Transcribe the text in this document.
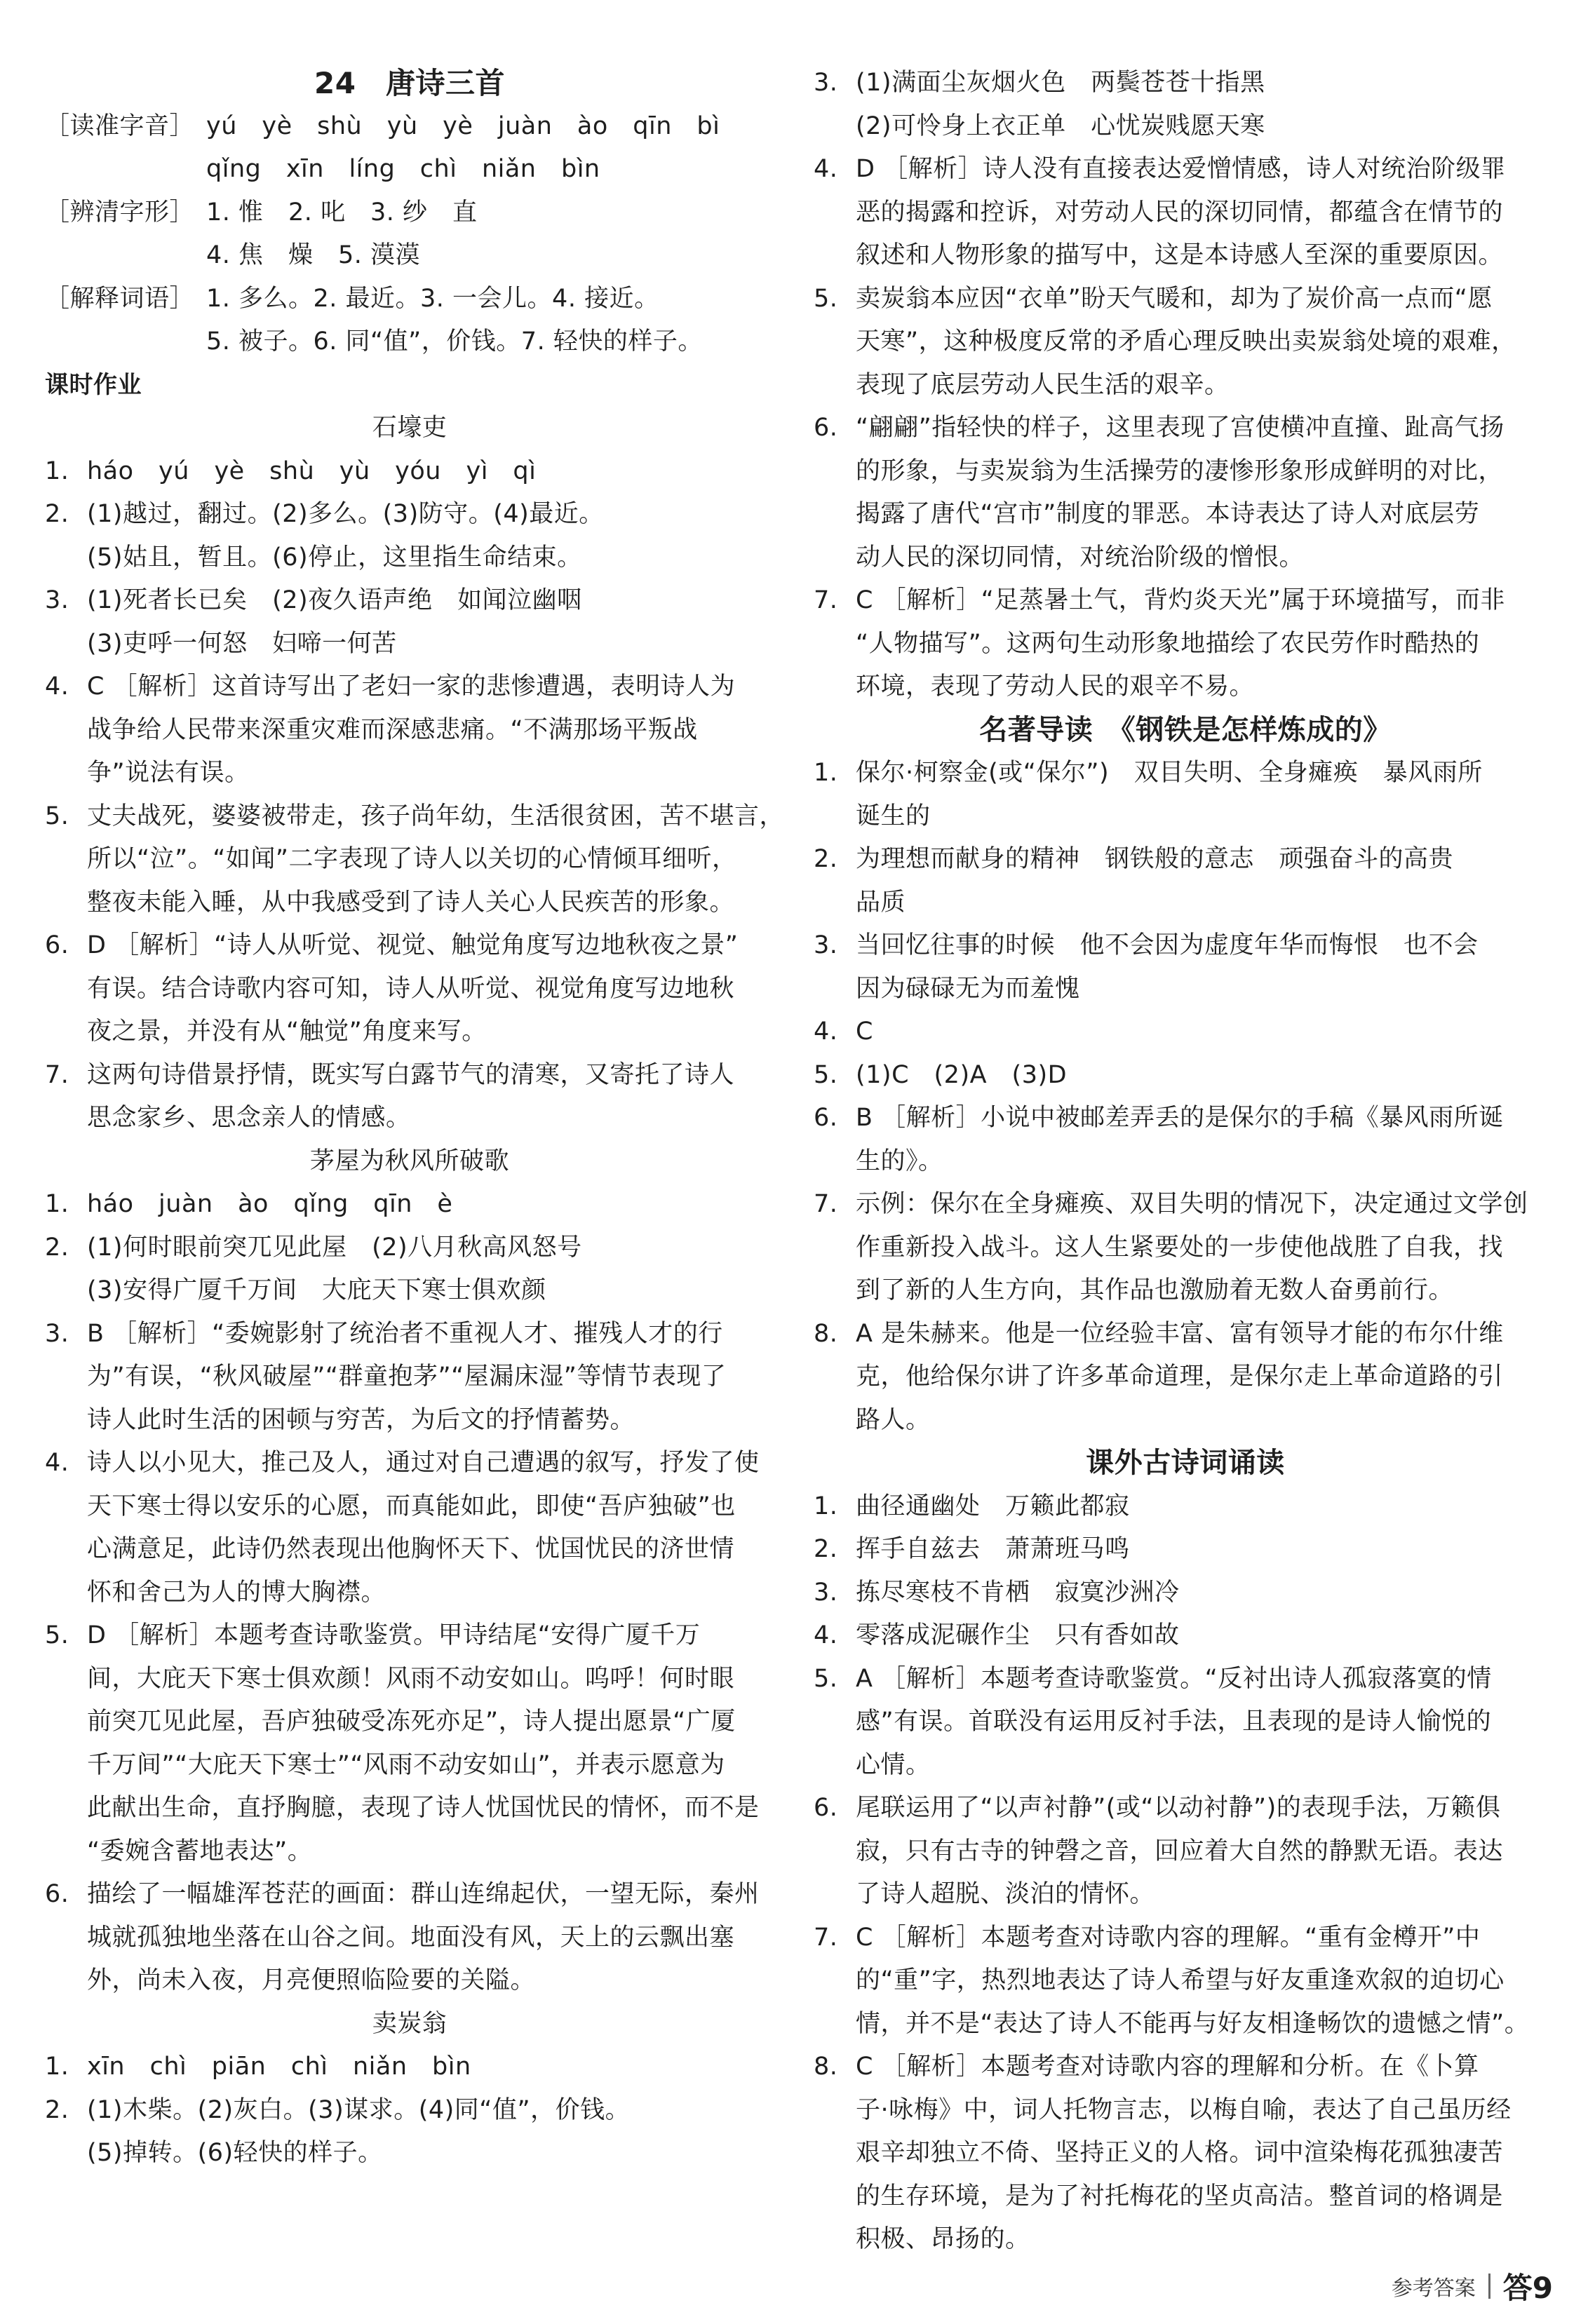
24　唐诗三首
［读准字音］ yú　yè　shù　yù　yè　juàn　ào　qīn　bì
qǐng　xīn　líng　chì　niǎn　bìn
［辨清字形］ 1. 惟　2. 叱　3. 纱　直
4. 焦　燥　5. 漠漠
［解释词语］ 1. 多么。2. 最近。3. 一会儿。4. 接近。
5. 被子。6. 同“值”，价钱。7. 轻快的样子。
课时作业
石壕吏
1. háo　yú　yè　shù　yù　yóu　yì　qì
2. (1)越过，翻过。(2)多么。(3)防守。(4)最近。
(5)姑且，暂且。(6)停止，这里指生命结束。
3. (1)死者长已矣　(2)夜久语声绝　如闻泣幽咽
(3)吏呼一何怒　妇啼一何苦
4. C ［解析］这首诗写出了老妇一家的悲惨遭遇，表明诗人为
战争给人民带来深重灾难而深感悲痛。“不满那场平叛战
争”说法有误。
5. 丈夫战死，婆婆被带走，孩子尚年幼，生活很贫困，苦不堪言，
所以“泣”。“如闻”二字表现了诗人以关切的心情倾耳细听，
整夜未能入睡，从中我感受到了诗人关心人民疾苦的形象。
6. D ［解析］“诗人从听觉、视觉、触觉角度写边地秋夜之景”
有误。结合诗歌内容可知，诗人从听觉、视觉角度写边地秋
夜之景，并没有从“触觉”角度来写。
7. 这两句诗借景抒情，既实写白露节气的清寒，又寄托了诗人
思念家乡、思念亲人的情感。
茅屋为秋风所破歌
1. háo　juàn　ào　qǐng　qīn　è
2. (1)何时眼前突兀见此屋　(2)八月秋高风怒号
(3)安得广厦千万间　大庇天下寒士俱欢颜
3. B ［解析］“委婉影射了统治者不重视人才、摧残人才的行
为”有误，“秋风破屋”“群童抱茅”“屋漏床湿”等情节表现了
诗人此时生活的困顿与穷苦，为后文的抒情蓄势。
4. 诗人以小见大，推己及人，通过对自己遭遇的叙写，抒发了使
天下寒士得以安乐的心愿，而真能如此，即使“吾庐独破”也
心满意足，此诗仍然表现出他胸怀天下、忧国忧民的济世情
怀和舍己为人的博大胸襟。
5. D ［解析］本题考查诗歌鉴赏。甲诗结尾“安得广厦千万
间，大庇天下寒士俱欢颜！风雨不动安如山。呜呼！何时眼
前突兀见此屋，吾庐独破受冻死亦足”，诗人提出愿景“广厦
千万间”“大庇天下寒士”“风雨不动安如山”，并表示愿意为
此献出生命，直抒胸臆，表现了诗人忧国忧民的情怀，而不是
“委婉含蓄地表达”。
6. 描绘了一幅雄浑苍茫的画面：群山连绵起伏，一望无际，秦州
城就孤独地坐落在山谷之间。地面没有风，天上的云飘出塞
外，尚未入夜，月亮便照临险要的关隘。
卖炭翁
1. xīn　chì　piān　chì　niǎn　bìn
2. (1)木柴。(2)灰白。(3)谋求。(4)同“值”，价钱。
(5)掉转。(6)轻快的样子。
3. (1)满面尘灰烟火色　两鬓苍苍十指黑
(2)可怜身上衣正单　心忧炭贱愿天寒
4. D ［解析］诗人没有直接表达爱憎情感，诗人对统治阶级罪
恶的揭露和控诉，对劳动人民的深切同情，都蕴含在情节的
叙述和人物形象的描写中，这是本诗感人至深的重要原因。
5. 卖炭翁本应因“衣单”盼天气暖和，却为了炭价高一点而“愿
天寒”，这种极度反常的矛盾心理反映出卖炭翁处境的艰难，
表现了底层劳动人民生活的艰辛。
6. “翩翩”指轻快的样子，这里表现了宫使横冲直撞、趾高气扬
的形象，与卖炭翁为生活操劳的凄惨形象形成鲜明的对比，
揭露了唐代“宫市”制度的罪恶。本诗表达了诗人对底层劳
动人民的深切同情，对统治阶级的憎恨。
7. C ［解析］“足蒸暑土气，背灼炎天光”属于环境描写，而非
“人物描写”。这两句生动形象地描绘了农民劳作时酷热的
环境，表现了劳动人民的艰辛不易。
名著导读　《钢铁是怎样炼成的》
1. 保尔·柯察金(或“保尔”)　双目失明、全身瘫痪　暴风雨所
诞生的
2. 为理想而献身的精神　钢铁般的意志　顽强奋斗的高贵
品质
3. 当回忆往事的时候　他不会因为虚度年华而悔恨　也不会
因为碌碌无为而羞愧
4. C
5. (1)C　(2)A　(3)D
6. B ［解析］小说中被邮差弄丢的是保尔的手稿《暴风雨所诞
生的》。
7. 示例：保尔在全身瘫痪、双目失明的情况下，决定通过文学创
作重新投入战斗。这人生紧要处的一步使他战胜了自我，找
到了新的人生方向，其作品也激励着无数人奋勇前行。
8. A 是朱赫来。他是一位经验丰富、富有领导才能的布尔什维
克，他给保尔讲了许多革命道理，是保尔走上革命道路的引
路人。
课外古诗词诵读
1. 曲径通幽处　万籁此都寂
2. 挥手自兹去　萧萧班马鸣
3. 拣尽寒枝不肯栖　寂寞沙洲冷
4. 零落成泥碾作尘　只有香如故
5. A ［解析］本题考查诗歌鉴赏。“反衬出诗人孤寂落寞的情
感”有误。首联没有运用反衬手法，且表现的是诗人愉悦的
心情。
6. 尾联运用了“以声衬静”(或“以动衬静”)的表现手法，万籁俱
寂，只有古寺的钟磬之音，回应着大自然的静默无语。表达
了诗人超脱、淡泊的情怀。
7. C ［解析］本题考查对诗歌内容的理解。“重有金樽开”中
的“重”字，热烈地表达了诗人希望与好友重逢欢叙的迫切心
情，并不是“表达了诗人不能再与好友相逢畅饮的遗憾之情”。
8. C ［解析］本题考查对诗歌内容的理解和分析。在《卜算
子·咏梅》中，词人托物言志，以梅自喻，表达了自己虽历经
艰辛却独立不倚、坚持正义的人格。词中渲染梅花孤独凄苦
的生存环境，是为了衬托梅花的坚贞高洁。整首词的格调是
积极、昂扬的。
参考答案 答9
